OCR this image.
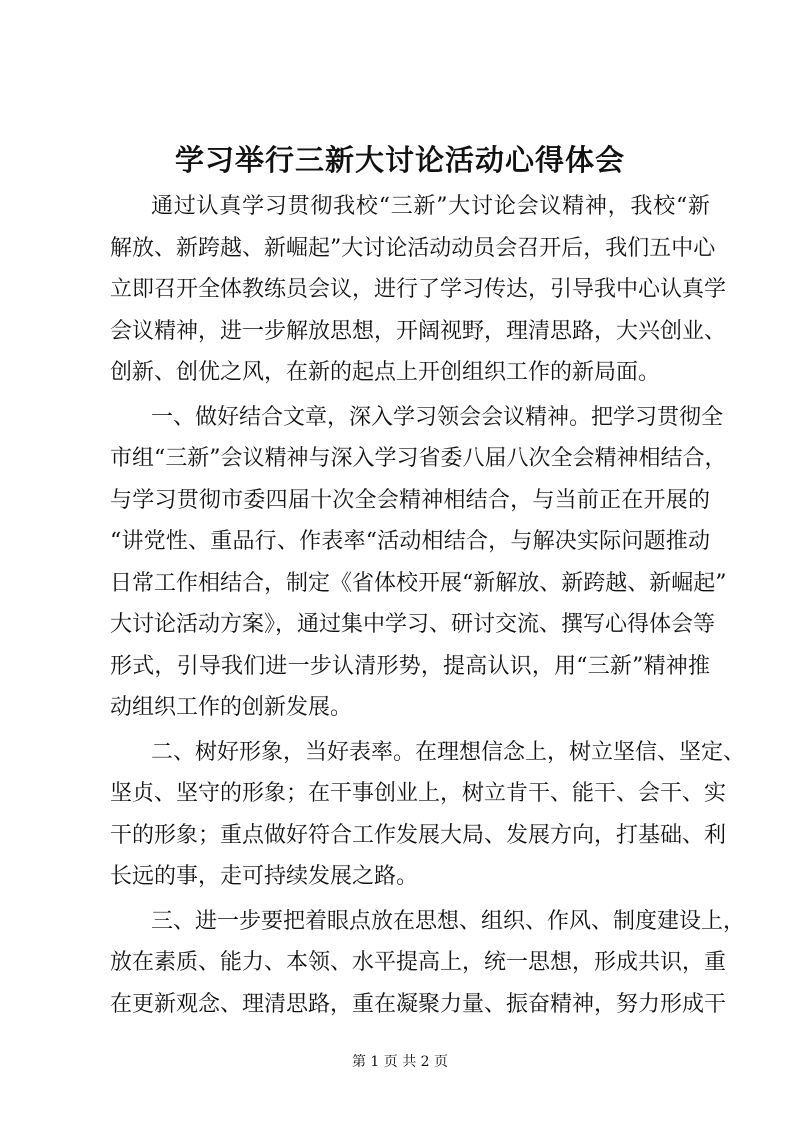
学习举行三新大讨论活动心得体会
通过认真学习贯彻我校“三新”大讨论会议精神，我校“新
解放、新跨越、新崛起”大讨论活动动员会召开后，我们五中心
立即召开全体教练员会议，进行了学习传达，引导我中心认真学
会议精神，进一步解放思想，开阔视野，理清思路，大兴创业、
创新、创优之风，在新的起点上开创组织工作的新局面。
一、做好结合文章，深入学习领会会议精神。把学习贯彻全
市组“三新”会议精神与深入学习省委八届八次全会精神相结合，
与学习贯彻市委四届十次全会精神相结合，与当前正在开展的
“讲党性、重品行、作表率“活动相结合，与解决实际问题推动
日常工作相结合，制定《省体校开展“新解放、新跨越、新崛起”
大讨论活动方案》，通过集中学习、研讨交流、撰写心得体会等
形式，引导我们进一步认清形势，提高认识，用“三新”精神推
动组织工作的创新发展。
二、树好形象，当好表率。在理想信念上，树立坚信、坚定、
坚贞、坚守的形象；在干事创业上，树立肯干、能干、会干、实
干的形象；重点做好符合工作发展大局、发展方向，打基础、利
长远的事，走可持续发展之路。
三、进一步要把着眼点放在思想、组织、作风、制度建设上，
放在素质、能力、本领、水平提高上，统一思想，形成共识，重
在更新观念、理清思路，重在凝聚力量、振奋精神，努力形成干
第 1 页 共 2 页
